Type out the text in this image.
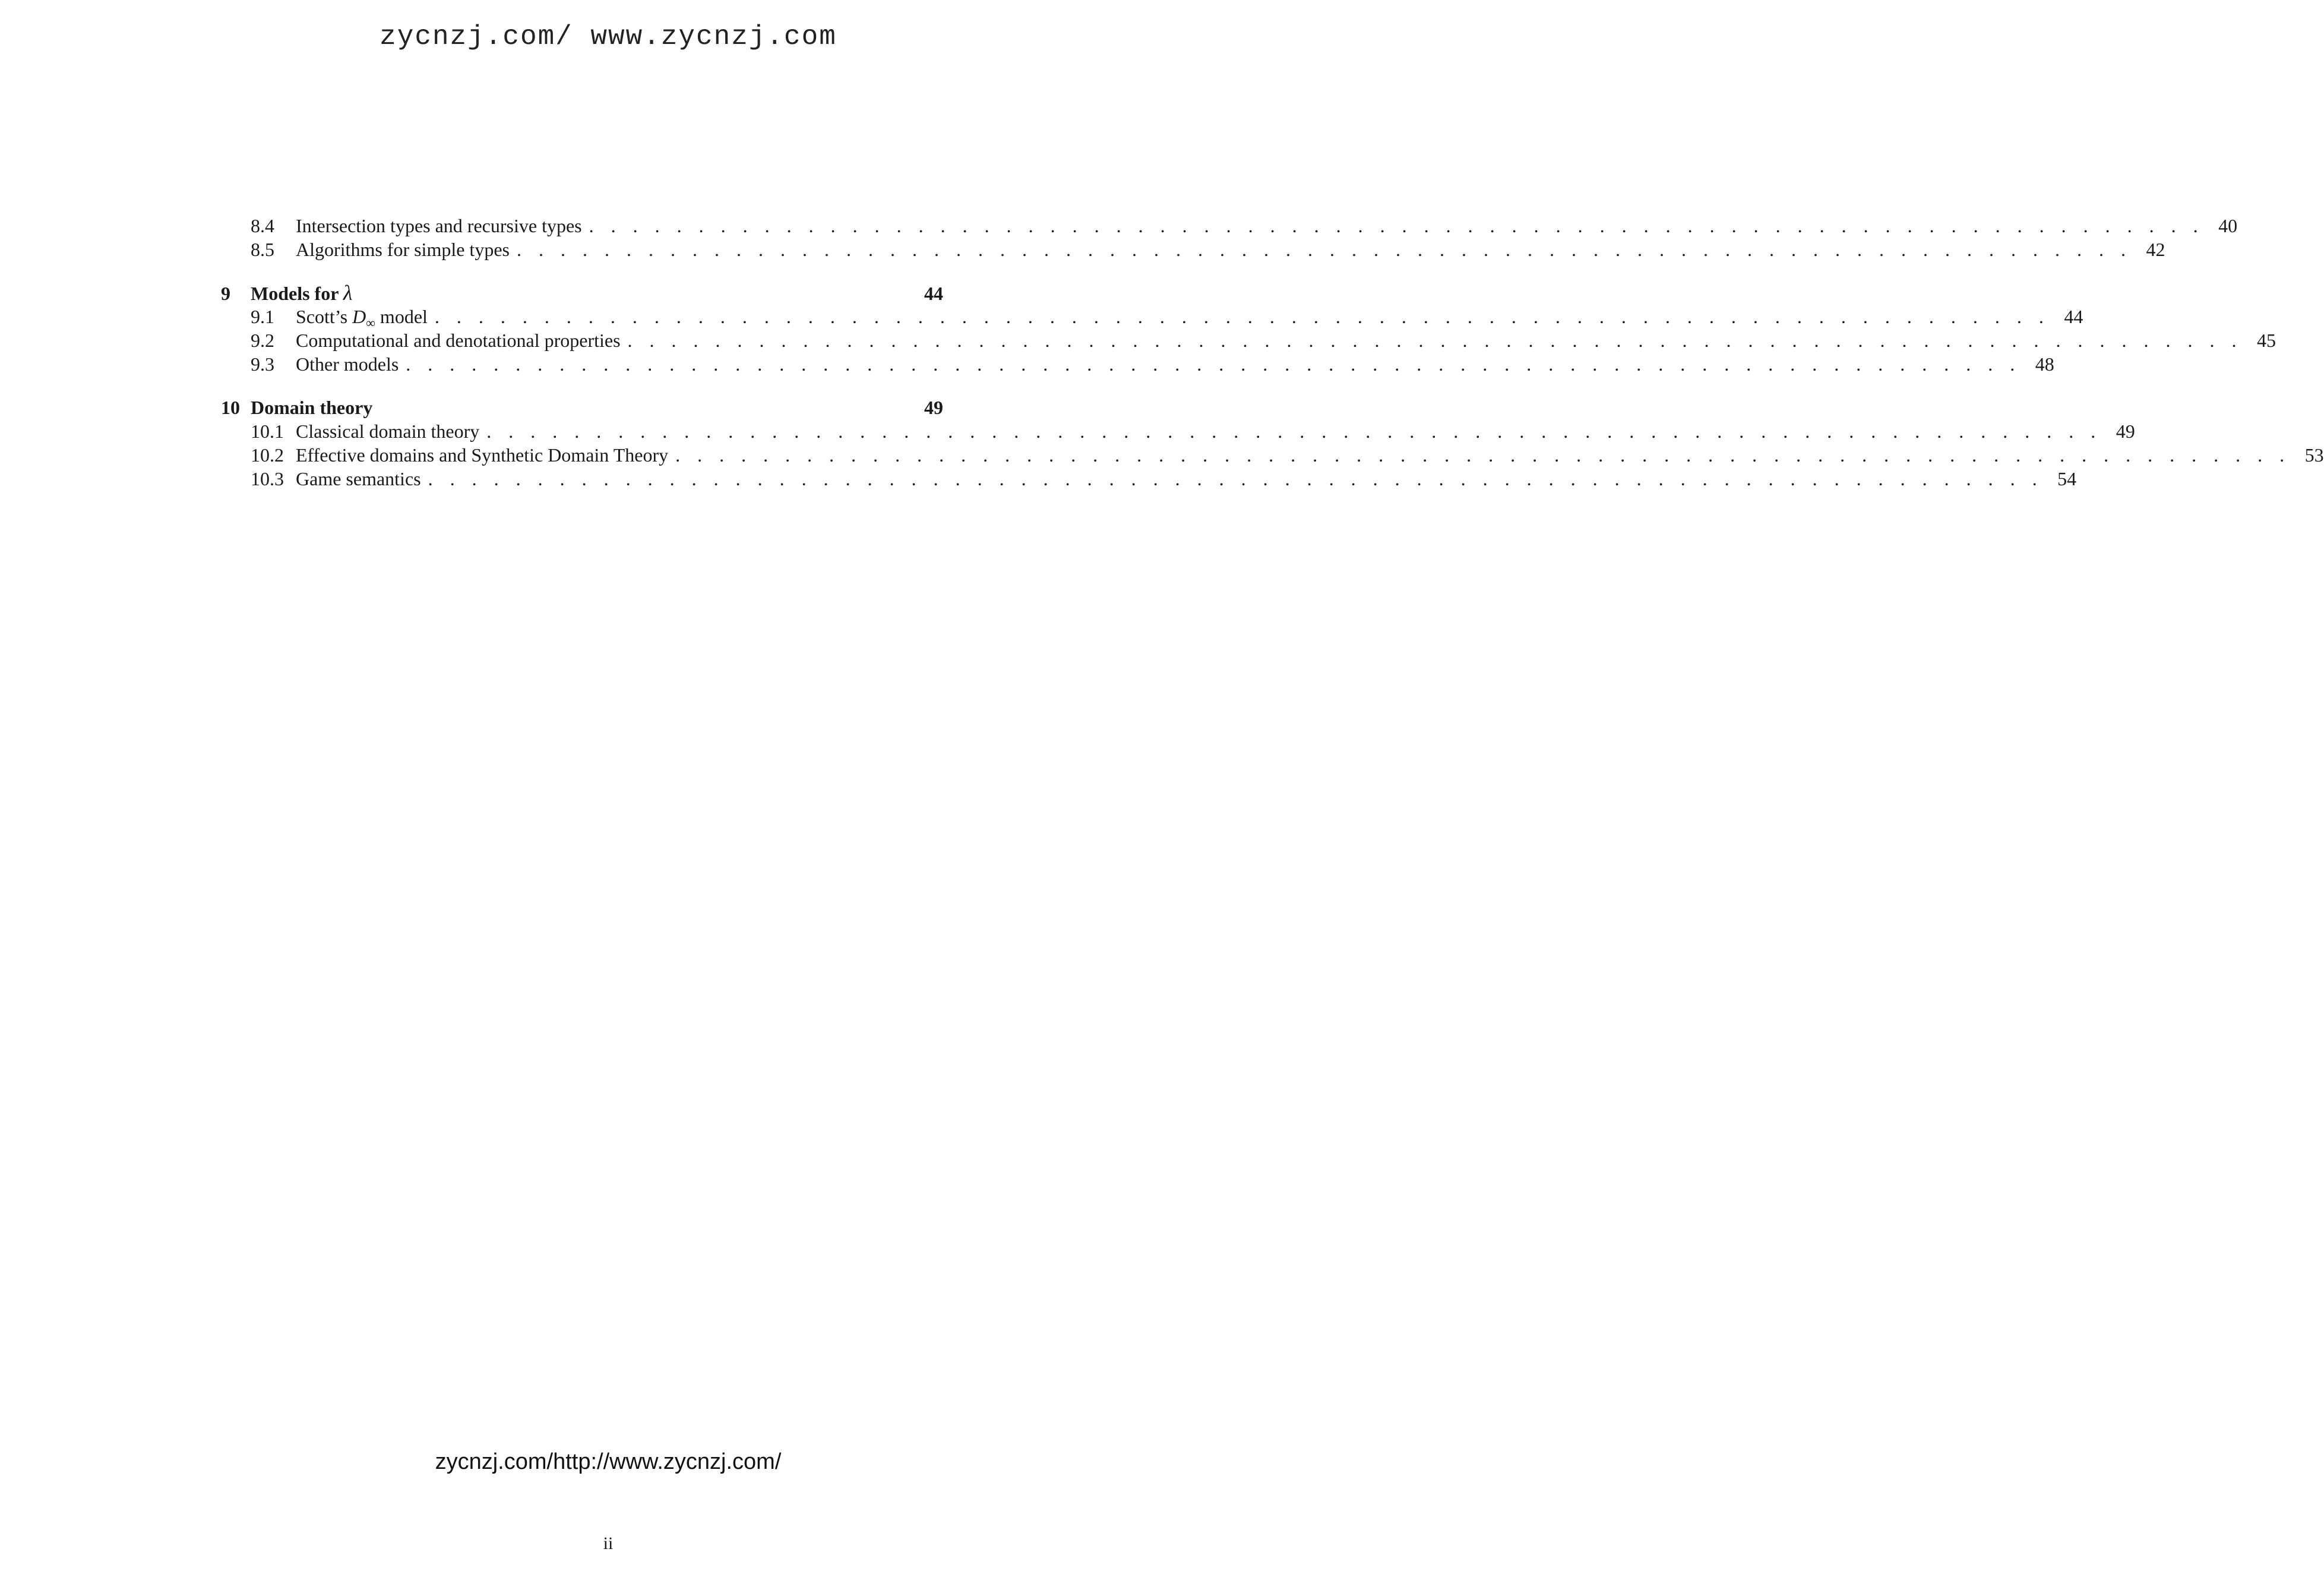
zycnzj.com/ www.zycnzj.com
8.4	Intersection types and recursive types . . . . . . . . . . . . . . . . . . . . . . . . . . . . . . . . . . . . . . . . . . . . . . . . . . . . . . . . . . . . . . . . . . . . . . . . . . 40
8.5	Algorithms for simple types . . . . . . . . . . . . . . . . . . . . . . . . . . . . . . . . . . . . . . . . . . . . . . . . . . . . . . . . . . . . . . . . . . . . . . . . . . 42
9	Models for λ	44
9.1	Scott’s $D_\infty$ model . . . . . . . . . . . . . . . . . . . . . . . . . . . . . . . . . . . . . . . . . . . . . . . . . . . . . . . . . . . . . . . . . . . . . . . . . . 44
9.2	Computational and denotational properties . . . . . . . . . . . . . . . . . . . . . . . . . . . . . . . . . . . . . . . . . . . . . . . . . . . . . . . . . . . . . . . . . . . . . . . . . . 45
9.3	Other models . . . . . . . . . . . . . . . . . . . . . . . . . . . . . . . . . . . . . . . . . . . . . . . . . . . . . . . . . . . . . . . . . . . . . . . . . . 48
10 Domain theory	49
10.1 Classical domain theory . . . . . . . . . . . . . . . . . . . . . . . . . . . . . . . . . . . . . . . . . . . . . . . . . . . . . . . . . . . . . . . . . . . . . . . . . . 49
10.2 Effective domains and Synthetic Domain Theory . . . . . . . . . . . . . . . . . . . . . . . . . . . . . . . . . . . . . . . . . . . . . . . . . . . . . . . . . . . . . . . . . . . . . . . . . . 53
10.3 Game semantics . . . . . . . . . . . . . . . . . . . . . . . . . . . . . . . . . . . . . . . . . . . . . . . . . . . . . . . . . . . . . . . . . . . . . . . . . . 54
zycnzj.com/http://www.zycnzj.com/
ii
